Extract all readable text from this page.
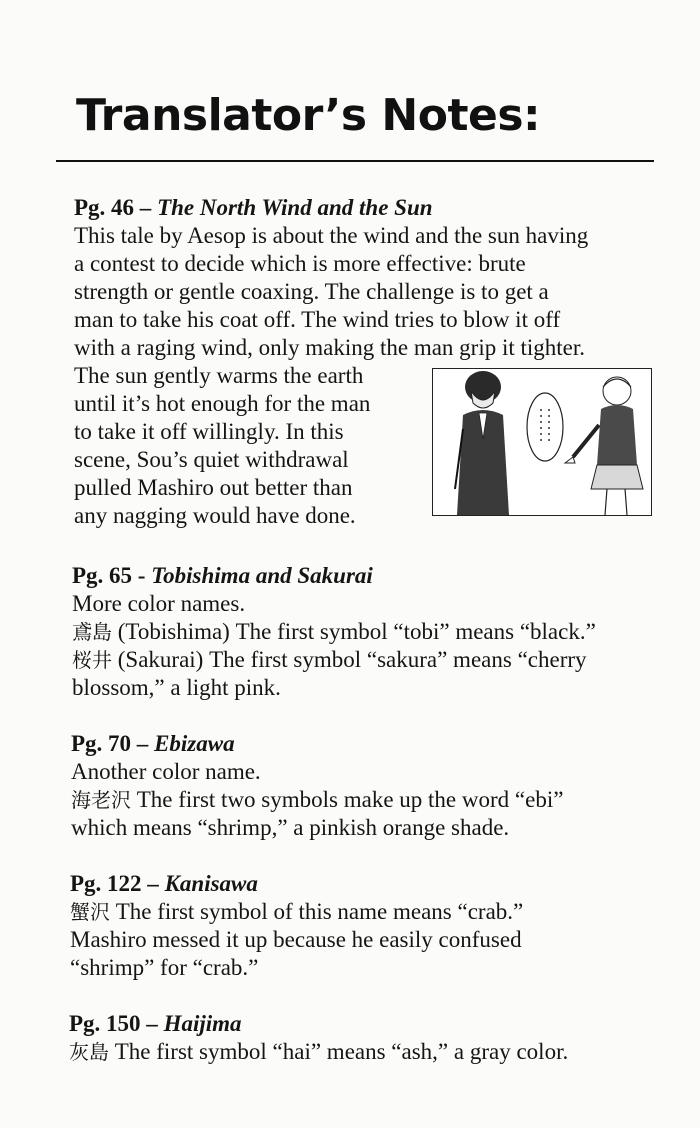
Translator’s Notes:

Pg. 46 – The North Wind and the Sun

This tale by Aesop is about the wind and the sun having

a contest to decide which is more effective: brute

strength or gentle coaxing. The challenge is to get a

man to take his coat off. The wind tries to blow it off

with a raging wind, only making the man grip it tighter.

The sun gently warms the earth

until it’s hot enough for the man

to take it off willingly. In this

scene, Sou’s quiet withdrawal

pulled Mashiro out better than

any nagging would have done.

Pg. 65 - Tobishima and Sakurai

More color names.

鳶島 (Tobishima) The first symbol “tobi” means “black.”

桜井 (Sakurai) The first symbol “sakura” means “cherry

blossom,” a light pink.

Pg. 70 – Ebizawa

Another color name.

海老沢 The first two symbols make up the word “ebi”

which means “shrimp,” a pinkish orange shade.

Pg. 122 – Kanisawa

蟹沢 The first symbol of this name means “crab.”

Mashiro messed it up because he easily confused

“shrimp” for “crab.”

Pg. 150 – Haijima

灰島 The first symbol “hai” means “ash,” a gray color.
